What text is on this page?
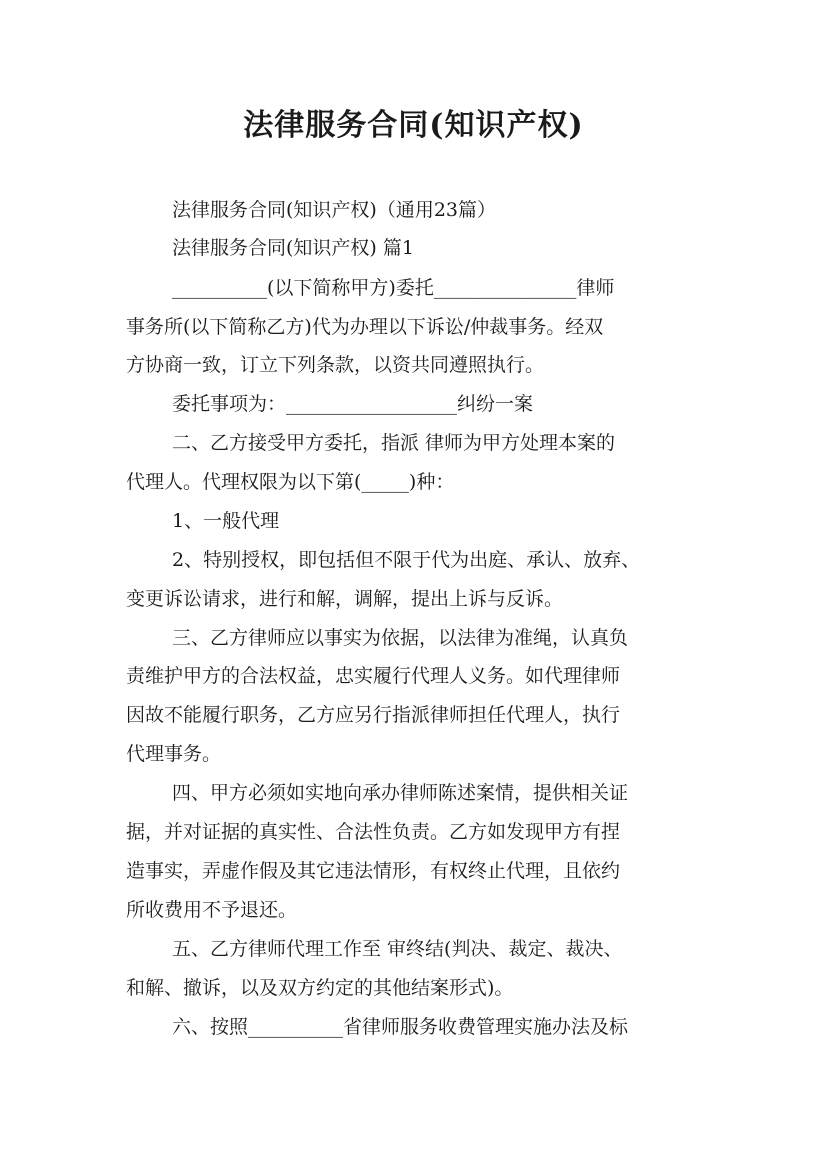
法律服务合同(知识产权)

法律服务合同(知识产权)（通用23篇）

法律服务合同(知识产权) 篇1

__________(以下简称甲方)委托_______________律师

事务所(以下简称乙方)代为办理以下诉讼/仲裁事务。经双

方协商一致，订立下列条款，以资共同遵照执行。

委托事项为：__________________纠纷一案

二、乙方接受甲方委托，指派 律师为甲方处理本案的

代理人。代理权限为以下第(_____)种：

1、一般代理

2、特别授权，即包括但不限于代为出庭、承认、放弃、

变更诉讼请求，进行和解，调解，提出上诉与反诉。

三、乙方律师应以事实为依据，以法律为准绳，认真负

责维护甲方的合法权益，忠实履行代理人义务。如代理律师

因故不能履行职务，乙方应另行指派律师担任代理人，执行

代理事务。

四、甲方必须如实地向承办律师陈述案情，提供相关证

据，并对证据的真实性、合法性负责。乙方如发现甲方有捏

造事实，弄虚作假及其它违法情形，有权终止代理，且依约

所收费用不予退还。

五、乙方律师代理工作至 审终结(判决、裁定、裁决、

和解、撤诉，以及双方约定的其他结案形式)。

六、按照__________省律师服务收费管理实施办法及标
